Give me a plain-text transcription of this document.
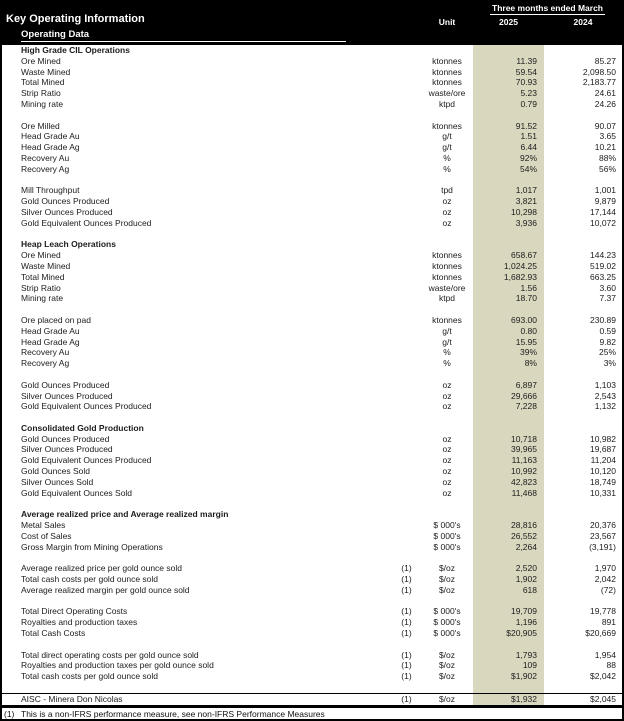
Three months ended March
Key Operating Information	Unit	2025	2024
Operating Data
High Grade CIL Operations
Ore Mined	ktonnes	11.39	85.27
Waste Mined	ktonnes	59.54	2,098.50
Total Mined	ktonnes	70.93	2,183.77
Strip Ratio	waste/ore	5.23	24.61
Mining rate	ktpd	0.79	24.26
Ore Milled	ktonnes	91.52	90.07
Head Grade Au	g/t	1.51	3.65
Head Grade Ag	g/t	6.44	10.21
Recovery Au	%	92%	88%
Recovery Ag	%	54%	56%
Mill Throughput	tpd	1,017	1,001
Gold Ounces Produced	oz	3,821	9,879
Silver Ounces Produced	oz	10,298	17,144
Gold Equivalent Ounces Produced	oz	3,936	10,072
Heap Leach Operations
Ore Mined	ktonnes	658.67	144.23
Waste Mined	ktonnes	1,024.25	519.02
Total Mined	ktonnes	1,682.93	663.25
Strip Ratio	waste/ore	1.56	3.60
Mining rate	ktpd	18.70	7.37
Ore placed on pad	ktonnes	693.00	230.89
Head Grade Au	g/t	0.80	0.59
Head Grade Ag	g/t	15.95	9.82
Recovery Au	%	39%	25%
Recovery Ag	%	8%	3%
Gold Ounces Produced	oz	6,897	1,103
Silver Ounces Produced	oz	29,666	2,543
Gold Equivalent Ounces Produced	oz	7,228	1,132
Consolidated Gold Production
Gold Ounces Produced	oz	10,718	10,982
Silver Ounces Produced	oz	39,965	19,687
Gold Equivalent Ounces Produced	oz	11,163	11,204
Gold Ounces Sold	oz	10,992	10,120
Silver Ounces Sold	oz	42,823	18,749
Gold Equivalent Ounces Sold	oz	11,468	10,331
Average realized price and Average realized margin
Metal Sales	$ 000's	28,816	20,376
Cost of Sales	$ 000's	26,552	23,567
Gross Margin from Mining Operations	$ 000's	2,264	(3,191)
Average realized price per gold ounce sold	(1)	$/oz	2,520	1,970
Total cash costs per gold ounce sold	(1)	$/oz	1,902	2,042
Average realized margin per gold ounce sold	(1)	$/oz	618	(72)
Total Direct Operating Costs	(1)	$ 000's	19,709	19,778
Royalties and production taxes	(1)	$ 000's	1,196	891
Total Cash Costs	(1)	$ 000's	$20,905	$20,669
Total direct operating costs per gold ounce sold	(1)	$/oz	1,793	1,954
Royalties and production taxes per gold ounce sold	(1)	$/oz	109	88
Total cash costs per gold ounce sold	(1)	$/oz	$1,902	$2,042
AISC - Minera Don Nicolas	(1)	$/oz	$1,932	$2,045
(1) This is a non-IFRS performance measure, see non-IFRS Performance Measures
